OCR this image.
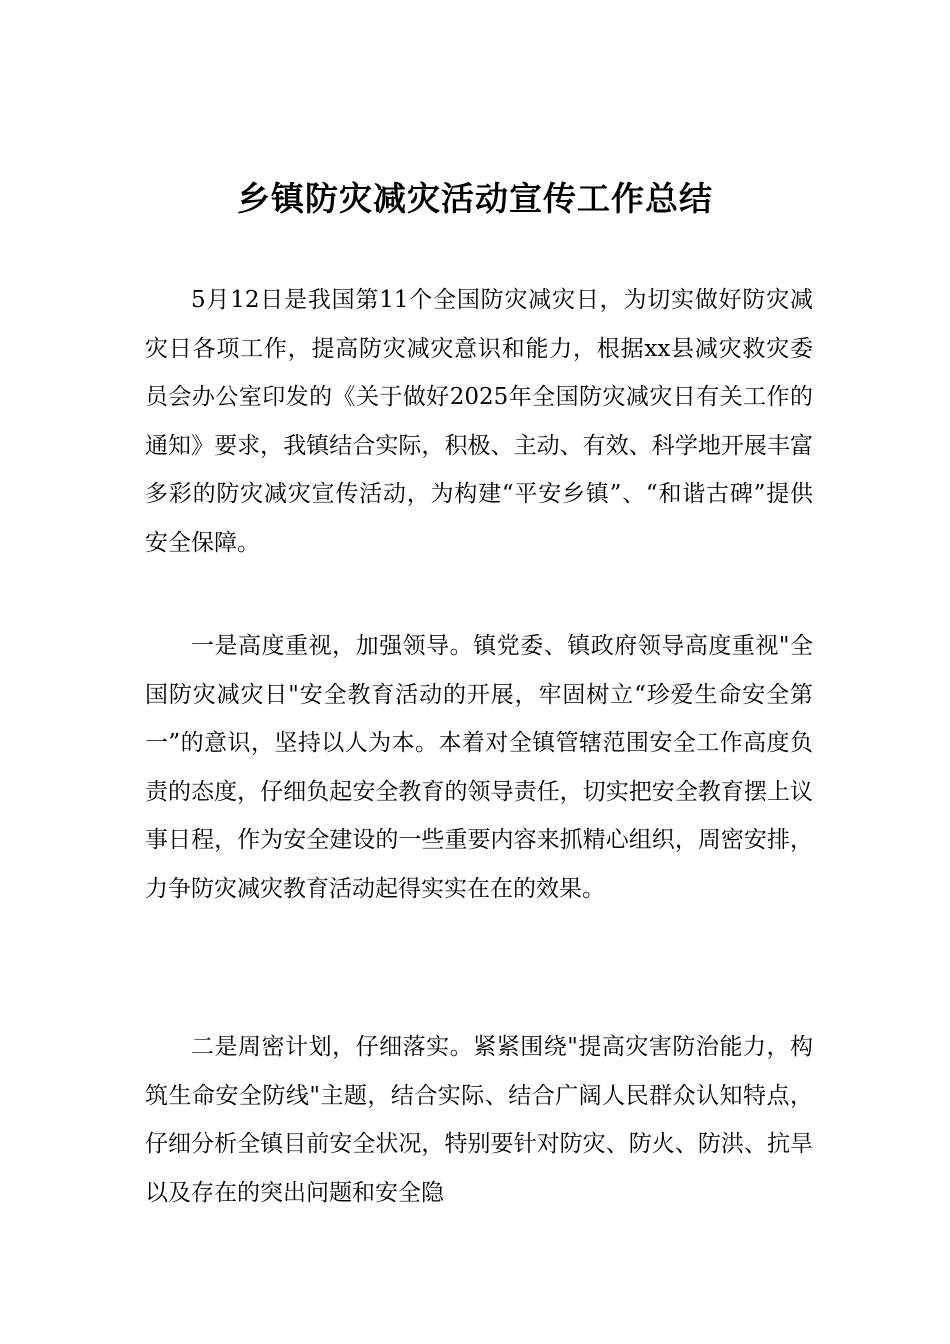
乡镇防灾减灾活动宣传工作总结

5月12日是我国第11个全国防灾减灾日，为切实做好防灾减灾日各项工作，提高防灾减灾意识和能力，根据xx县减灾救灾委员会办公室印发的《关于做好2025年全国防灾减灾日有关工作的通知》要求，我镇结合实际，积极、主动、有效、科学地开展丰富多彩的防灾减灾宣传活动，为构建“平安乡镇”、“和谐古碑”提供安全保障。

一是高度重视，加强领导。镇党委、镇政府领导高度重视"全国防灾减灾日"安全教育活动的开展，牢固树立“珍爱生命安全第一”的意识，坚持以人为本。本着对全镇管辖范围安全工作高度负责的态度，仔细负起安全教育的领导责任，切实把安全教育摆上议事日程，作为安全建设的一些重要内容来抓精心组织，周密安排，力争防灾减灾教育活动起得实实在在的效果。

二是周密计划，仔细落实。紧紧围绕"提高灾害防治能力，构筑生命安全防线"主题，结合实际、结合广阔人民群众认知特点，仔细分析全镇目前安全状况，特别要针对防灾、防火、防洪、抗旱以及存在的突出问题和安全隐
